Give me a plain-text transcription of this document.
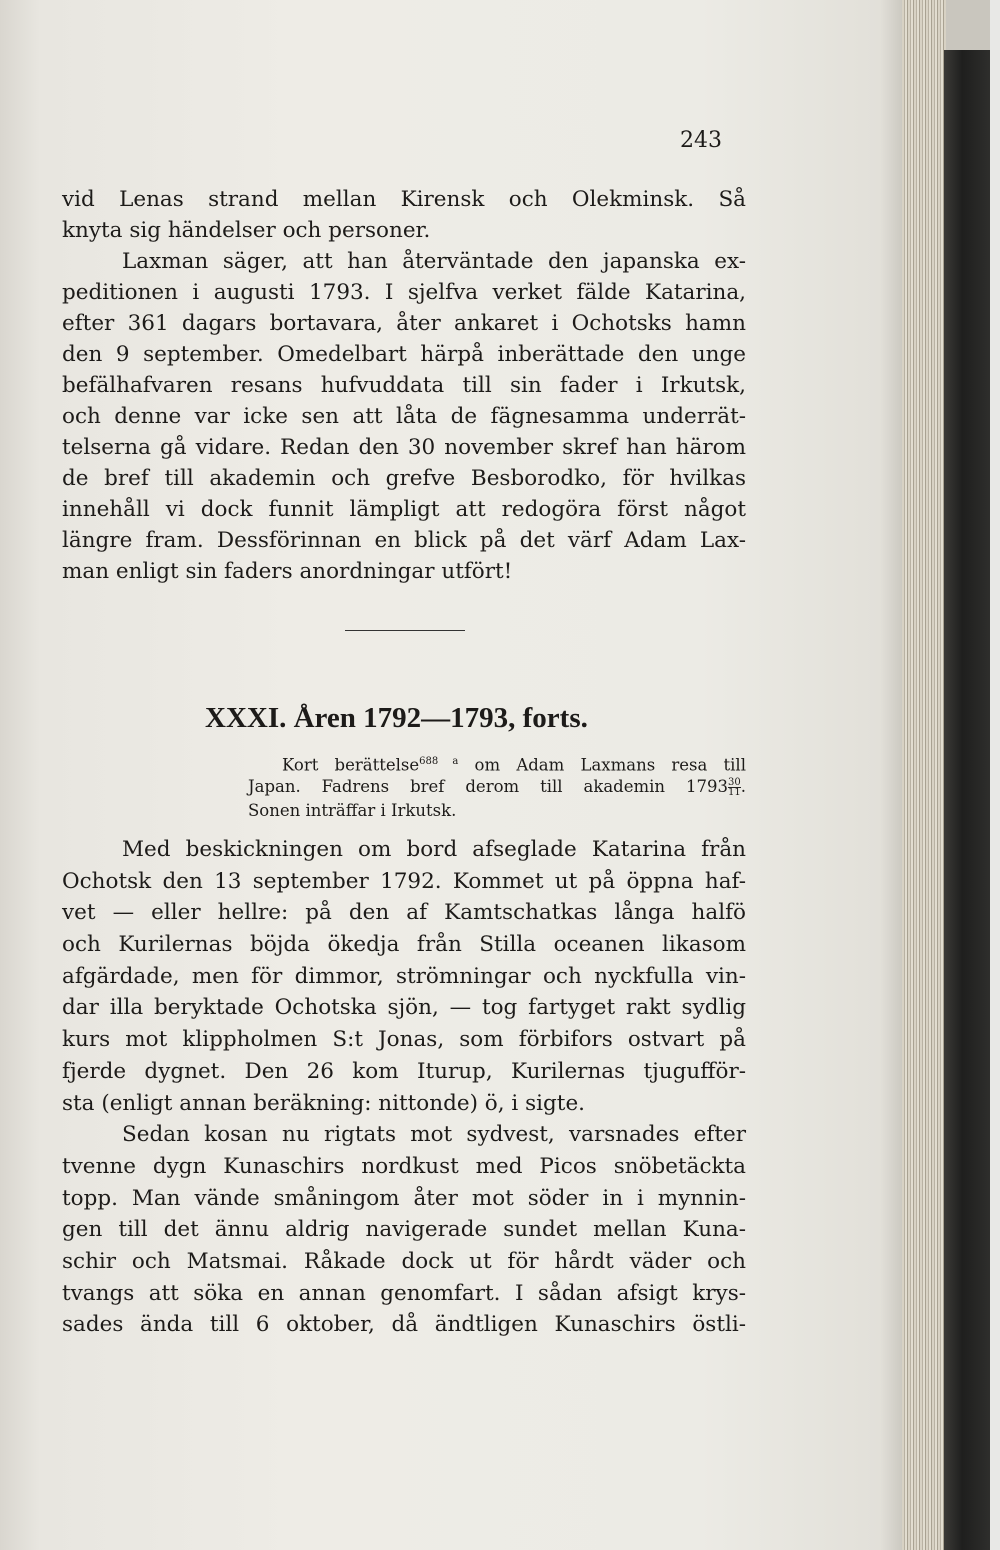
243
vid Lenas strand mellan Kirensk och Olekminsk. Så
knyta sig händelser och personer.
Laxman säger, att han återväntade den japanska ex-
peditionen i augusti 1793. I sjelfva verket fälde Katarina,
efter 361 dagars bortavara, åter ankaret i Ochotsks hamn
den 9 september. Omedelbart härpå inberättade den unge
befälhafvaren resans hufvuddata till sin fader i Irkutsk,
och denne var icke sen att låta de fägnesamma underrät-
telserna gå vidare. Redan den 30 november skref han härom
de bref till akademin och grefve Besborodko, för hvilkas
innehåll vi dock funnit lämpligt att redogöra först något
längre fram. Dessförinnan en blick på det värf Adam Lax-
man enligt sin faders anordningar utfört!
XXXI. Åren 1792—1793, forts.
Kort berättelse$^{688 a}$ om Adam Laxmans resa till
Japan. Fadrens bref derom till akademin $1793 \frac{30}{11}$ .
Sonen inträffar i Irkutsk.
Med beskickningen om bord afseglade Katarina från
Ochotsk den 13 september 1792. Kommet ut på öppna haf-
vet — eller hellre: på den af Kamtschatkas långa halfö
och Kurilernas böjda ökedja från Stilla oceanen likasom
afgärdade, men för dimmor, strömningar och nyckfulla vin-
dar illa beryktade Ochotska sjön, — tog fartyget rakt sydlig
kurs mot klippholmen S:t Jonas, som förbifors ostvart på
fjerde dygnet. Den 26 kom Iturup, Kurilernas tjugufför-
sta (enligt annan beräkning: nittonde) ö, i sigte.
Sedan kosan nu rigtats mot sydvest, varsnades efter
tvenne dygn Kunaschirs nordkust med Picos snöbetäckta
topp. Man vände småningom åter mot söder in i mynnin-
gen till det ännu aldrig navigerade sundet mellan Kuna-
schir och Matsmai. Råkade dock ut för hårdt väder och
tvangs att söka en annan genomfart. I sådan afsigt krys-
sades ända till 6 oktober, då ändtligen Kunaschirs östli-
